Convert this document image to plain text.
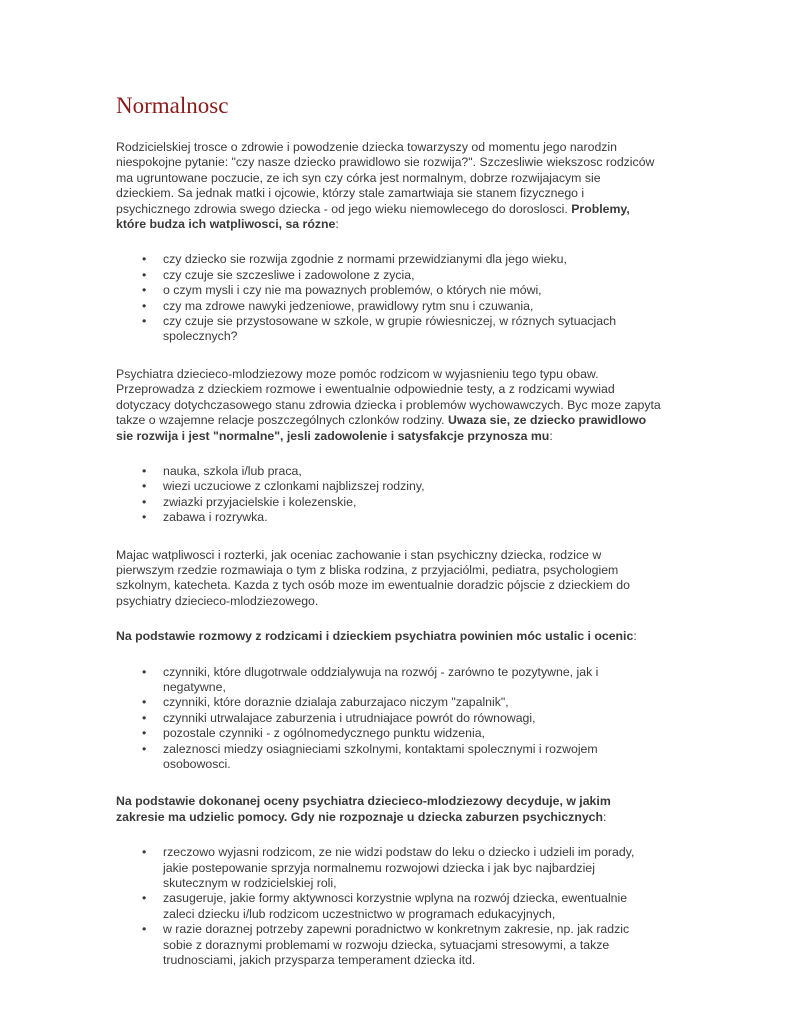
Normalnosc

Rodzicielskiej trosce o zdrowie i powodzenie dziecka towarzyszy od momentu jego narodzin niespokojne pytanie: "czy nasze dziecko prawidlowo sie rozwija?". Szczesliwie wiekszosc rodziców ma ugruntowane poczucie, ze ich syn czy córka jest normalnym, dobrze rozwijajacym sie dzieckiem. Sa jednak matki i ojcowie, którzy stale zamartwiaja sie stanem fizycznego i psychicznego zdrowia swego dziecka - od jego wieku niemowlecego do doroslosci. Problemy, które budza ich watpliwosci, sa rózne:

• czy dziecko sie rozwija zgodnie z normami przewidzianymi dla jego wieku,
• czy czuje sie szczesliwe i zadowolone z zycia,
• o czym mysli i czy nie ma powaznych problemów, o których nie mówi,
• czy ma zdrowe nawyki jedzeniowe, prawidlowy rytm snu i czuwania,
• czy czuje sie przystosowane w szkole, w grupie rówiesniczej, w róznych sytuacjach spolecznych?

Psychiatra dziecieco-mlodziezowy moze pomóc rodzicom w wyjasnieniu tego typu obaw. Przeprowadza z dzieckiem rozmowe i ewentualnie odpowiednie testy, a z rodzicami wywiad dotyczacy dotychczasowego stanu zdrowia dziecka i problemów wychowawczych. Byc moze zapyta takze o wzajemne relacje poszczególnych czlonków rodziny. Uwaza sie, ze dziecko prawidlowo sie rozwija i jest "normalne", jesli zadowolenie i satysfakcje przynosza mu:

• nauka, szkola i/lub praca,
• wiezi uczuciowe z czlonkami najblizszej rodziny,
• zwiazki przyjacielskie i kolezenskie,
• zabawa i rozrywka.

Majac watpliwosci i rozterki, jak oceniac zachowanie i stan psychiczny dziecka, rodzice w pierwszym rzedzie rozmawiaja o tym z bliska rodzina, z przyjaciólmi, pediatra, psychologiem szkolnym, katecheta. Kazda z tych osób moze im ewentualnie doradzic pójscie z dzieckiem do psychiatry dziecieco-mlodziezowego.

Na podstawie rozmowy z rodzicami i dzieckiem psychiatra powinien móc ustalic i ocenic:

• czynniki, które dlugotrwale oddzialywuja na rozwój - zarówno te pozytywne, jak i negatywne,
• czynniki, które doraznie dzialaja zaburzajaco niczym "zapalnik",
• czynniki utrwalajace zaburzenia i utrudniajace powrót do równowagi,
• pozostale czynniki - z ogólnomedycznego punktu widzenia,
• zaleznosci miedzy osiagnieciami szkolnymi, kontaktami spolecznymi i rozwojem osobowosci.

Na podstawie dokonanej oceny psychiatra dziecieco-mlodziezowy decyduje, w jakim zakresie ma udzielic pomocy. Gdy nie rozpoznaje u dziecka zaburzen psychicznych:

• rzeczowo wyjasni rodzicom, ze nie widzi podstaw do leku o dziecko i udzieli im porady, jakie postepowanie sprzyja normalnemu rozwojowi dziecka i jak byc najbardziej skutecznym w rodzicielskiej roli,
• zasugeruje, jakie formy aktywnosci korzystnie wplyna na rozwój dziecka, ewentualnie zaleci dziecku i/lub rodzicom uczestnictwo w programach edukacyjnych,
• w razie doraznej potrzeby zapewni poradnictwo w konkretnym zakresie, np. jak radzic sobie z doraznymi problemami w rozwoju dziecka, sytuacjami stresowymi, a takze trudnosciami, jakich przysparza temperament dziecka itd.
